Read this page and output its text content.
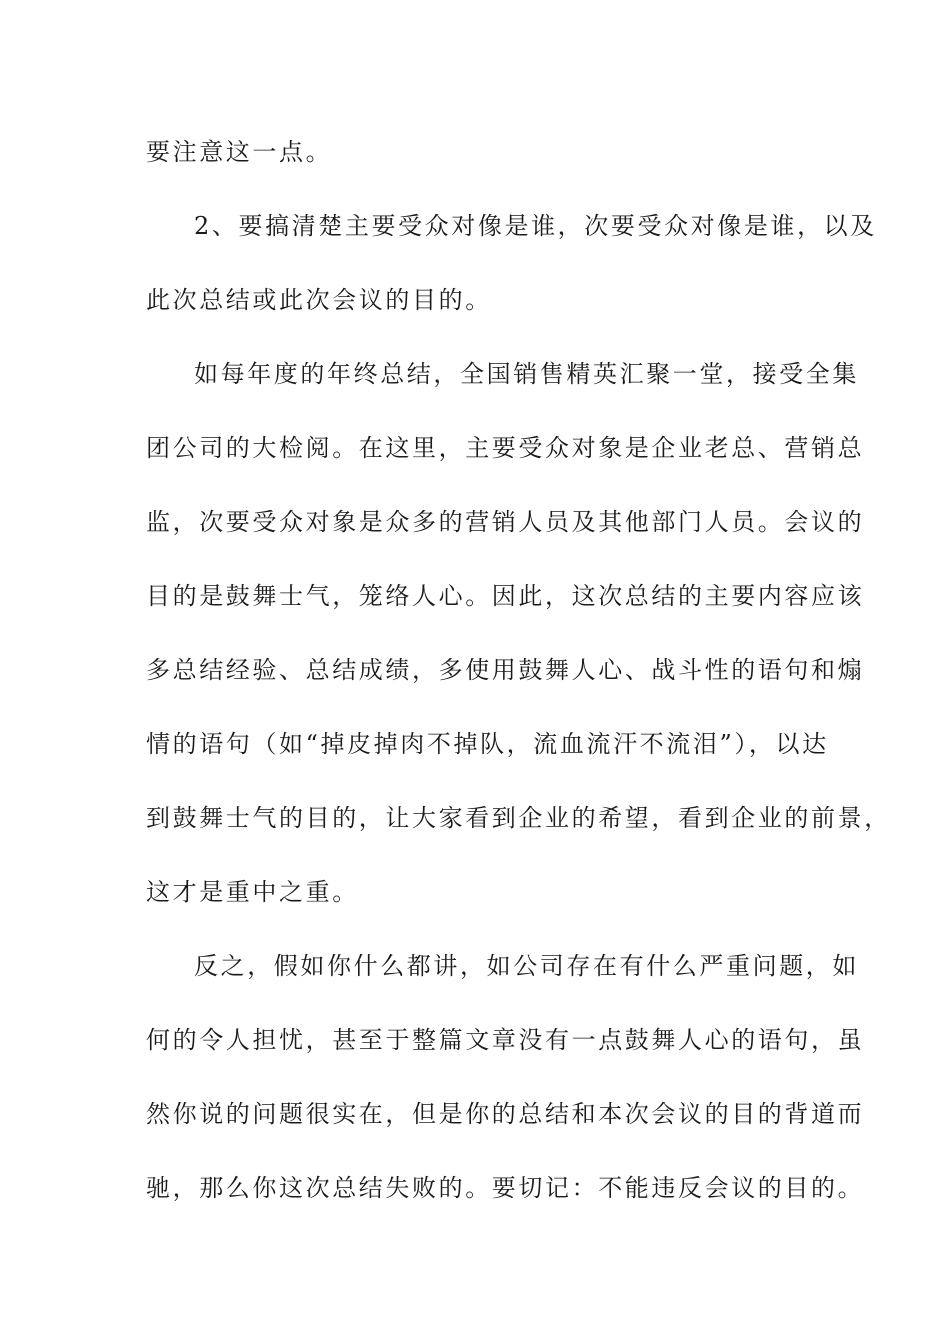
要注意这一点。
2、要搞清楚主要受众对像是谁，次要受众对像是谁，以及
此次总结或此次会议的目的。
如每年度的年终总结，全国销售精英汇聚一堂，接受全集
团公司的大检阅。在这里，主要受众对象是企业老总、营销总
监，次要受众对象是众多的营销人员及其他部门人员。会议的
目的是鼓舞士气，笼络人心。因此，这次总结的主要内容应该
多总结经验、总结成绩，多使用鼓舞人心、战斗性的语句和煽
情的语句（如“掉皮掉肉不掉队，流血流汗不流泪”），以达
到鼓舞士气的目的，让大家看到企业的希望，看到企业的前景，
这才是重中之重。
反之，假如你什么都讲，如公司存在有什么严重问题，如
何的令人担忧，甚至于整篇文章没有一点鼓舞人心的语句，虽
然你说的问题很实在，但是你的总结和本次会议的目的背道而
驰，那么你这次总结失败的。要切记：不能违反会议的目的。
